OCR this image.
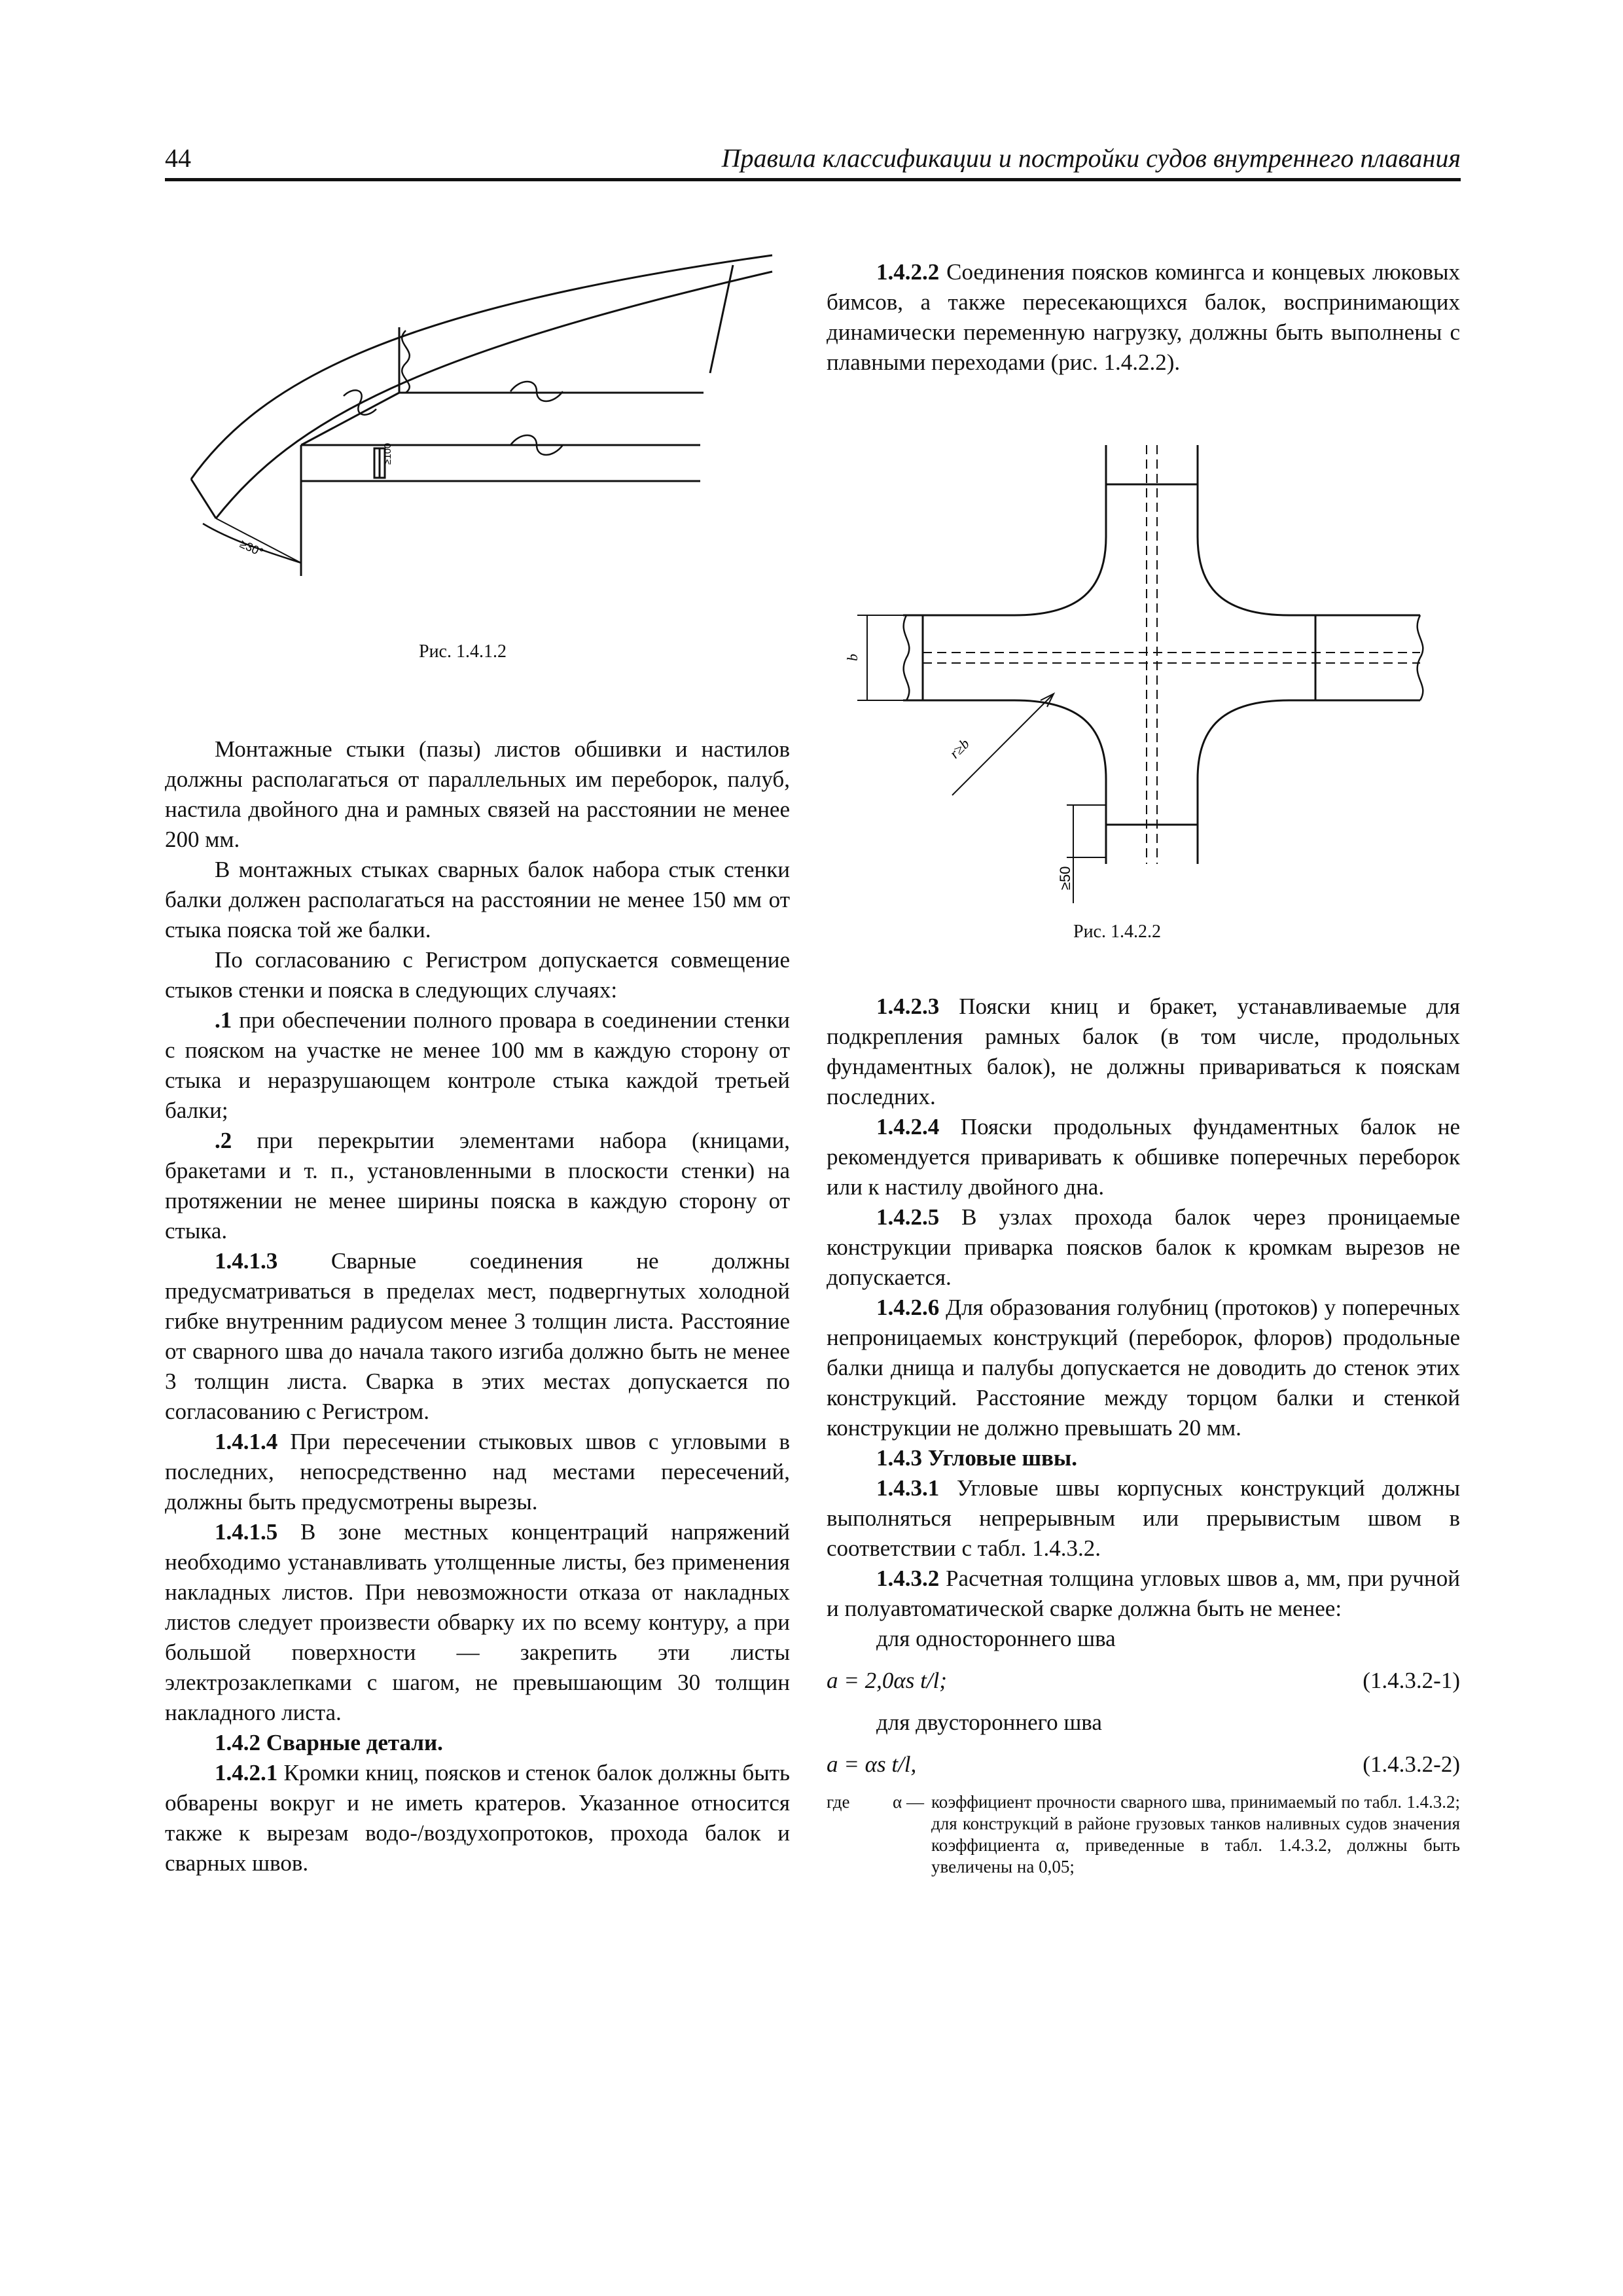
44	Правила классификации и постройки судов внутреннего плавания
≥100
≥30°
Рис. 1.4.1.2

1.4.2.2 Соединения поясков комингса и концевых люковых бимсов, а также пересекающихся балок, воспринимающих динамически переменную нагрузку, должны быть выполнены с плавными переходами (рис. 1.4.2.2).

b
r≥b
≥50
Рис. 1.4.2.2

Монтажные стыки (пазы) листов обшивки и настилов должны располагаться от параллельных им переборок, палуб, настила двойного дна и рамных связей на расстоянии не менее 200 мм.

В монтажных стыках сварных балок набора стык стенки балки должен располагаться на расстоянии не менее 150 мм от стыка пояска той же балки.

По согласованию с Регистром допускается совмещение стыков стенки и пояска в следующих случаях:

.1 при обеспечении полного провара в соединении стенки с пояском на участке не менее 100 мм в каждую сторону от стыка и неразрушающем контроле стыка каждой третьей балки;

.2 при перекрытии элементами набора (кницами, бракетами и т. п., установленными в плоскости стенки) на протяжении не менее ширины пояска в каждую сторону от стыка.

1.4.1.3 Сварные соединения не должны предусматриваться в пределах мест, подвергнутых холодной гибке внутренним радиусом менее 3 толщин листа. Расстояние от сварного шва до начала такого изгиба должно быть не менее 3 толщин листа. Сварка в этих местах допускается по согласованию с Регистром.

1.4.1.4 При пересечении стыковых швов с угловыми в последних, непосредственно над местами пересечений, должны быть предусмотрены вырезы.

1.4.1.5 В зоне местных концентраций напряжений необходимо устанавливать утолщенные листы, без применения накладных листов. При невозможности отказа от накладных листов следует произвести обварку их по всему контуру, а при большой поверхности — закрепить эти листы электрозаклепками с шагом, не превышающим 30 толщин накладного листа.

1.4.2 Сварные детали.

1.4.2.1 Кромки книц, поясков и стенок балок должны быть обварены вокруг и не иметь кратеров. Указанное относится также к вырезам водо-/воздухопротоков, прохода балок и сварных швов.

1.4.2.3 Пояски книц и бракет, устанавливаемые для подкрепления рамных балок (в том числе, продольных фундаментных балок), не должны привариваться к пояскам последних.

1.4.2.4 Пояски продольных фундаментных балок не рекомендуется приваривать к обшивке поперечных переборок или к настилу двойного дна.

1.4.2.5 В узлах прохода балок через проницаемые конструкции приварка поясков балок к кромкам вырезов не допускается.

1.4.2.6 Для образования голубниц (протоков) у поперечных непроницаемых конструкций (переборок, флоров) продольные балки днища и палубы допускается не доводить до стенок этих конструкций. Расстояние между торцом балки и стенкой конструкции не должно превышать 20 мм.

1.4.3 Угловые швы.

1.4.3.1 Угловые швы корпусных конструкций должны выполняться непрерывным или прерывистым швом в соответствии с табл. 1.4.3.2.

1.4.3.2 Расчетная толщина угловых швов a, мм, при ручной и полуавтоматической сварке должна быть не менее:

для одностороннего шва

a = 2,0αs t/l;	(1.4.3.2-1)

для двустороннего шва

a = αs t/l,	(1.4.3.2-2)
где	α — коэффициент прочности сварного шва, принимаемый по табл. 1.4.3.2; для конструкций в районе грузовых танков наливных судов значения коэффициента α, приведенные в табл. 1.4.3.2, должны быть увеличены на 0,05;
